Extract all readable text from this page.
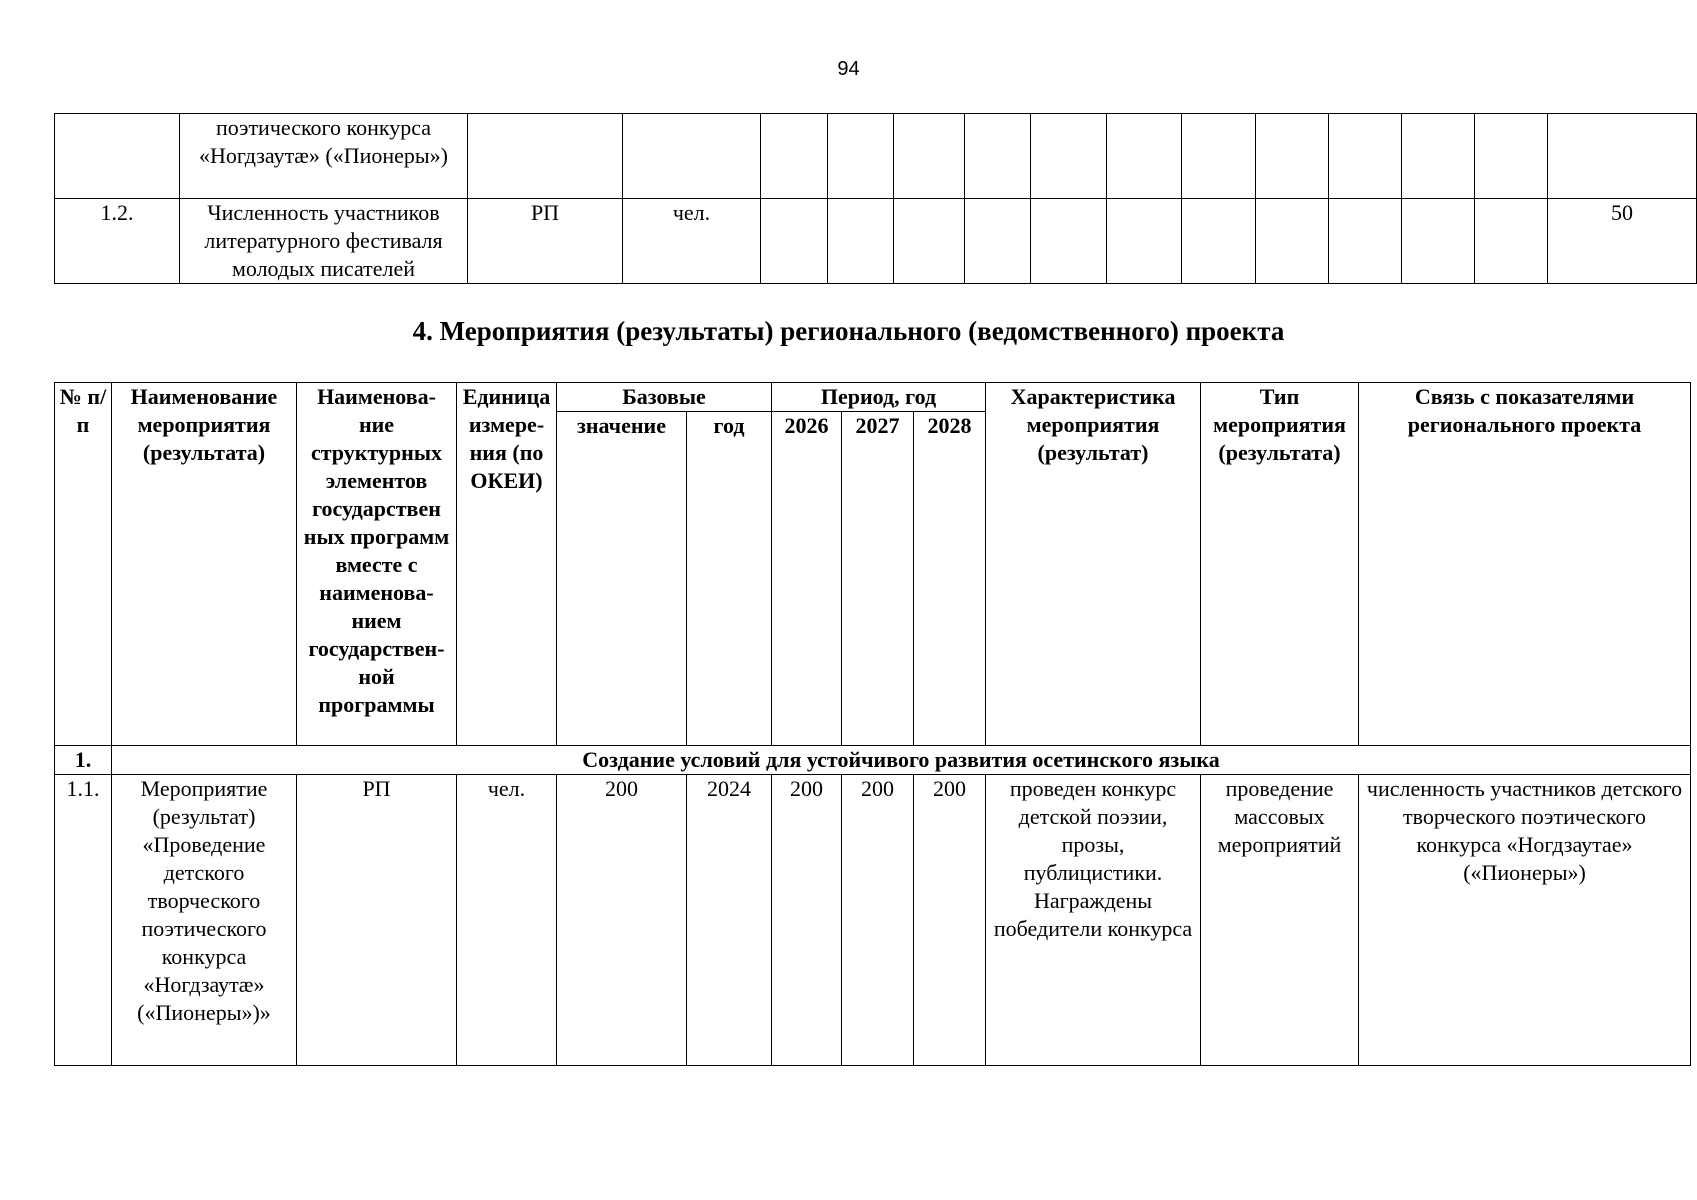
94
	поэтического конкурса «Ногдзаутæ» («Пионеры»)														
1.2.	Численность участников литературного фестиваля молодых писателей	РП	чел.												50
4. Мероприятия (результаты) регионального (ведомственного) проекта
№ п/п	Наименование мероприятия (результата)	Наименова-ние структурных элементов государствен ных программ вместе с наименова-нием государствен-ной программы	Единица измере-ния (по ОКЕИ)	Базовые		Период, год			Характеристика мероприятия (результат)	Тип мероприятия (результата)	Связь с показателями регионального проекта
				значение	год	2026	2027	2028			
1.	Создание условий для устойчивого развития осетинского языка										
1.1.	Мероприятие (результат) «Проведение детского творческого поэтического конкурса «Ногдзаутæ» («Пионеры»)»	РП	чел.	200	2024	200	200	200	проведен конкурс детской поэзии, прозы, публицистики. Награждены победители конкурса	проведение массовых мероприятий	численность участников детского творческого поэтического конкурса «Ногдзаутае» («Пионеры»)
